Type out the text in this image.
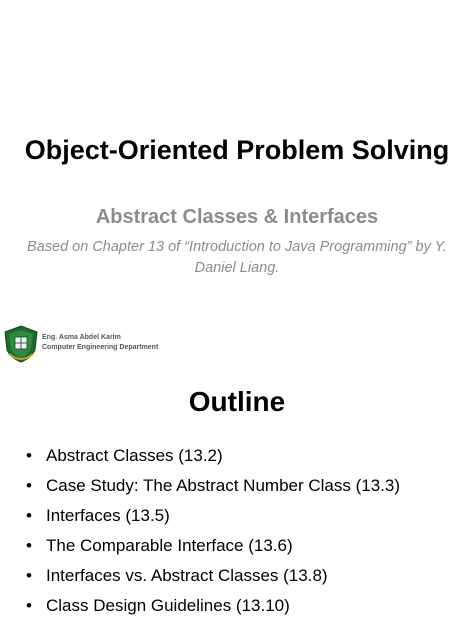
Object-Oriented Problem Solving
Abstract Classes & Interfaces

Based on Chapter 13 of “Introduction to Java Programming” by Y. Daniel Liang.

Eng. Asma Abdel Karim
Computer Engineering Department
Outline
• Abstract Classes (13.2)
• Case Study: The Abstract Number Class (13.3)
• Interfaces (13.5)
• The Comparable Interface (13.6)
• Interfaces vs. Abstract Classes (13.8)
• Class Design Guidelines (13.10)
